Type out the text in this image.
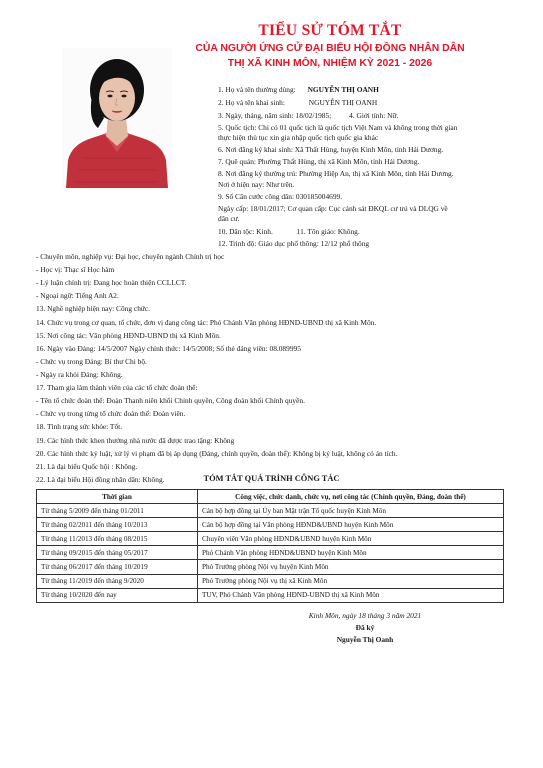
TIỂU SỬ TÓM TẮT
CỦA NGƯỜI ỨNG CỬ ĐẠI BIỂU HỘI ĐỒNG NHÂN DÂN
THỊ XÃ KINH MÔN, NHIỆM KỲ 2021 - 2026
1. Họ và tên thường dùng: NGUYỄN THỊ OANH
2. Họ và tên khai sinh:	NGUYỄN THỊ OANH
3. Ngày, tháng, năm sinh: 18/02/1985; 4. Giới tính: Nữ.
5. Quốc tịch: Chỉ có 01 quốc tịch là quốc tịch Việt Nam và không trong thời gian
thực hiện thủ tục xin gia nhập quốc tịch quốc gia khác
6. Nơi đăng ký khai sinh: Xã Thất Hùng, huyện Kinh Môn, tỉnh Hải Dương.
7. Quê quán: Phường Thất Hùng, thị xã Kinh Môn, tỉnh Hải Dương.
8. Nơi đăng ký thường trú: Phường Hiệp An, thị xã Kinh Môn, tỉnh Hải Dương.
Nơi ở hiện nay: Như trên.
9. Số Căn cước công dân: 030185004699.
Ngày cấp: 18/01/2017; Cơ quan cấp: Cục cảnh sát ĐKQL cư trú và DLQG về
dân cư.
10. Dân tộc: Kinh.	11. Tôn giáo: Không.
12. Trình độ: Giáo dục phổ thông: 12/12 phổ thông
- Chuyên môn, nghiệp vụ: Đại học, chuyên ngành Chính trị học
- Học vị: Thạc sĩ Học hàm
- Lý luận chính trị: Đang học hoàn thiện CCLLCT.
- Ngoại ngữ: Tiếng Anh A2.
13. Nghề nghiệp hiện nay: Công chức.
14. Chức vụ trong cơ quan, tổ chức, đơn vị đang công tác: Phó Chánh Văn phòng HĐND-UBND thị xã Kinh Môn.
15. Nơi công tác: Văn phòng HĐND-UBND thị xã Kinh Môn.
16. Ngày vào Đảng: 14/5/2007 Ngày chính thức: 14/5/2008; Số thẻ đảng viên: 08.089995
- Chức vụ trong Đảng: Bí thư Chi bộ.
- Ngày ra khỏi Đảng: Không.
17. Tham gia làm thành viên của các tổ chức đoàn thể:
- Tên tổ chức đoàn thể: Đoàn Thanh niên khối Chính quyền, Công đoàn khối Chính quyền.
- Chức vụ trong từng tổ chức đoàn thể: Đoàn viên.
18. Tình trạng sức khỏe: Tốt.
19. Các hình thức khen thưởng nhà nước đã được trao tặng: Không
20. Các hình thức kỷ luật, xử lý vi phạm đã bị áp dụng (Đảng, chính quyền, đoàn thể): Không bị kỷ luật, không có án tích.
21. Là đại biểu Quốc hội : Không.
22. Là đại biểu Hội đồng nhân dân: Không.	TÓM TẮT QUÁ TRÌNH CÔNG TÁC
Thời gian	Công việc, chức danh, chức vụ, nơi công tác (Chính quyền, Đảng, đoàn thể)
Từ tháng 5/2009 đến tháng 01/2011	Cán bộ hợp đồng tại Ủy ban Mặt trận Tổ quốc huyện Kinh Môn
Từ tháng 02/2011 đến tháng 10/2013	Cán bộ hợp đồng tại Văn phòng HĐND&UBND huyện Kinh Môn
Từ tháng 11/2013 đến tháng 08/2015	Chuyên viên Văn phòng HĐND&UBND huyện Kinh Môn
Từ tháng 09/2015 đến tháng 05/2017	Phó Chánh Văn phòng HĐND&UBND huyện Kinh Môn
Từ tháng 06/2017 đến tháng 10/2019	Phó Trưởng phòng Nội vụ huyện Kinh Môn
Từ tháng 11/2019 đến tháng 9/2020	Phó Trưởng phòng Nội vụ thị xã Kinh Môn
Từ tháng 10/2020 đến nay	TUV, Phó Chánh Văn phòng HĐND-UBND thị xã Kinh Môn
Kinh Môn, ngày 18 tháng 3 năm 2021
Đã ký
Nguyễn Thị Oanh
